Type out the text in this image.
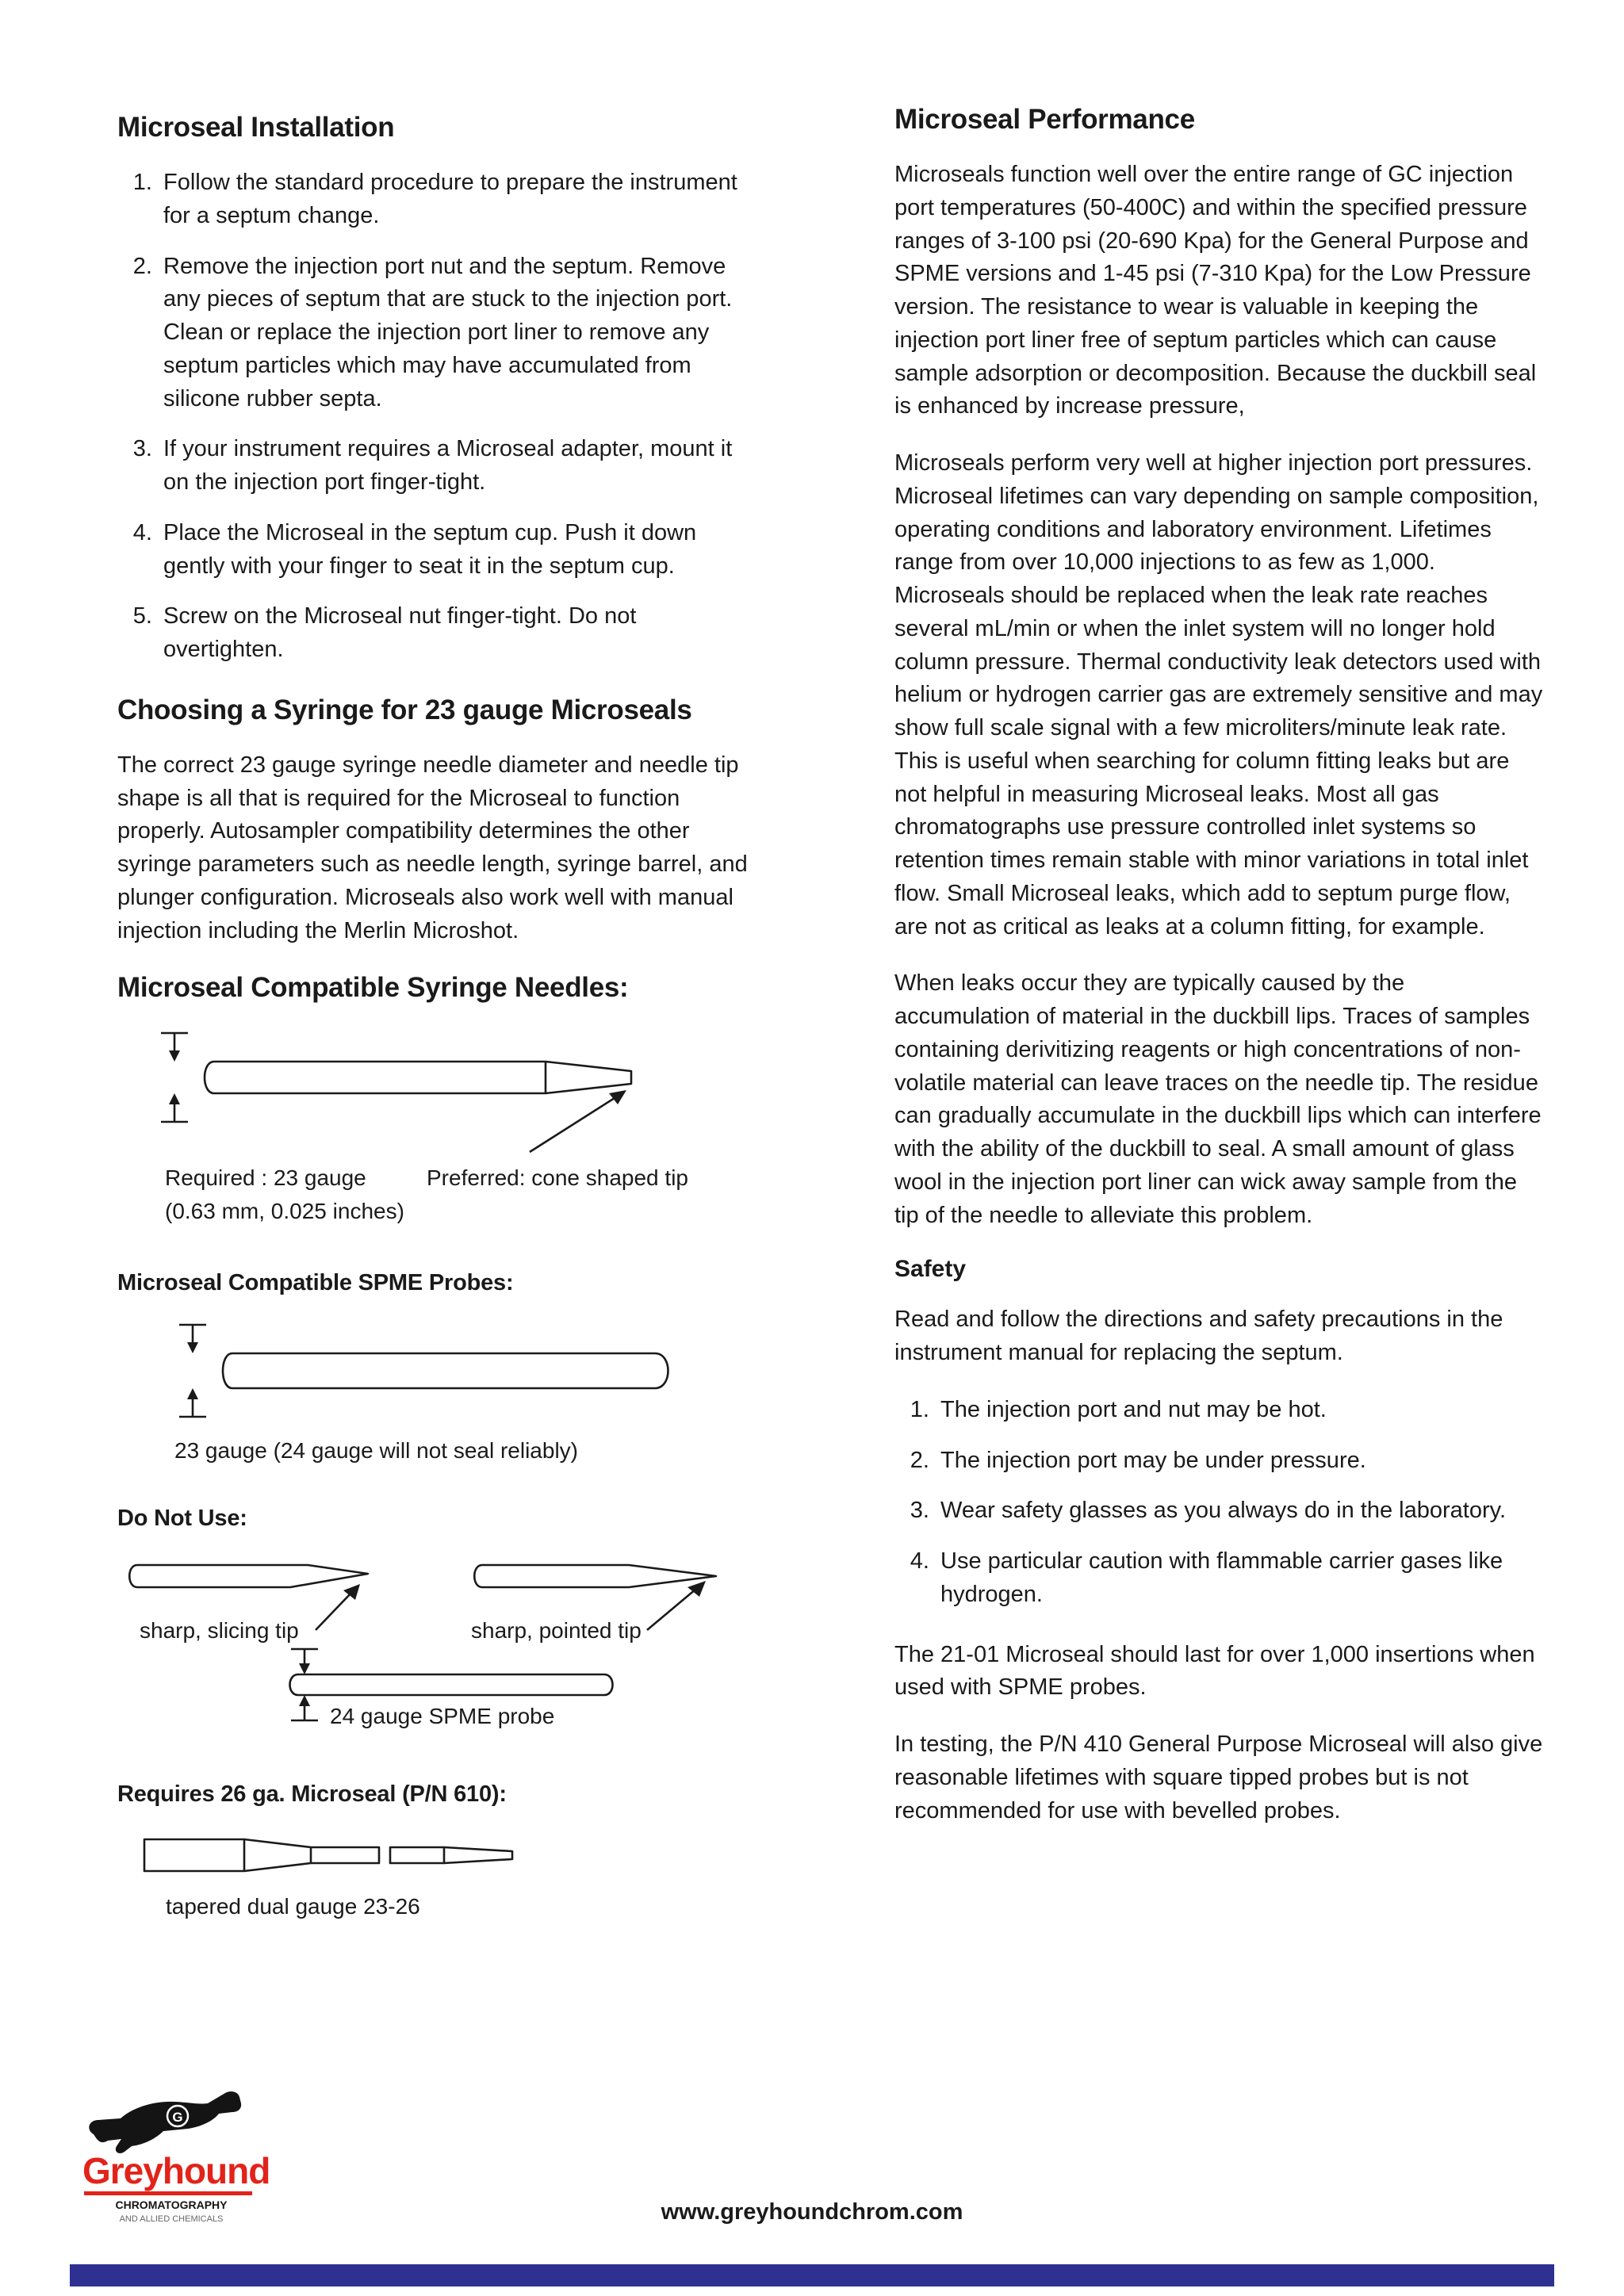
Microseal Installation
1. Follow the standard procedure to prepare the instrument for a septum change.
2. Remove the injection port nut and the septum. Remove any pieces of septum that are stuck to the injection port. Clean or replace the injection port liner to remove any septum particles which may have accumulated from silicone rubber septa.
3. If your instrument requires a Microseal adapter, mount it on the injection port finger-tight.
4. Place the Microseal in the septum cup. Push it down gently with your finger to seat it in the septum cup.
5. Screw on the Microseal nut finger-tight. Do not overtighten.
Choosing a Syringe for 23 gauge Microseals

The correct 23 gauge syringe needle diameter and needle tip shape is all that is required for the Microseal to function properly. Autosampler compatibility determines the other syringe parameters such as needle length, syringe barrel, and plunger configuration. Microseals also work well with manual injection including the Merlin Microshot.

Microseal Compatible Syringe Needles:
Required : 23 gauge	Preferred: cone shaped tip
(0.63 mm, 0.025 inches)
Microseal Compatible SPME Probes:
23 gauge (24 gauge will not seal reliably)
Do Not Use:
sharp, slicing tip	sharp, pointed tip
24 gauge SPME probe
Requires 26 ga. Microseal (P/N 610):
tapered dual gauge 23-26
Microseal Performance

Microseals function well over the entire range of GC injection port temperatures (50-400C) and within the specified pressure ranges of 3-100 psi (20-690 Kpa) for the General Purpose and SPME versions and 1-45 psi (7-310 Kpa) for the Low Pressure version. The resistance to wear is valuable in keeping the injection port liner free of septum particles which can cause sample adsorption or decomposition. Because the duckbill seal is enhanced by increase pressure,

Microseals perform very well at higher injection port pressures. Microseal lifetimes can vary depending on sample composition, operating conditions and laboratory environment. Lifetimes range from over 10,000 injections to as few as 1,000. Microseals should be replaced when the leak rate reaches several mL/min or when the inlet system will no longer hold column pressure. Thermal conductivity leak detectors used with helium or hydrogen carrier gas are extremely sensitive and may show full scale signal with a few microliters/minute leak rate. This is useful when searching for column fitting leaks but are not helpful in measuring Microseal leaks. Most all gas chromatographs use pressure controlled inlet systems so retention times remain stable with minor variations in total inlet flow. Small Microseal leaks, which add to septum purge flow, are not as critical as leaks at a column fitting, for example.

When leaks occur they are typically caused by the accumulation of material in the duckbill lips. Traces of samples containing derivitizing reagents or high concentrations of non-volatile material can leave traces on the needle tip. The residue can gradually accumulate in the duckbill lips which can interfere with the ability of the duckbill to seal. A small amount of glass wool in the injection port liner can wick away sample from the tip of the needle to alleviate this problem.

Safety

Read and follow the directions and safety precautions in the instrument manual for replacing the septum.

1. The injection port and nut may be hot.
2. The injection port may be under pressure.
3. Wear safety glasses as you always do in the laboratory.
4. Use particular caution with flammable carrier gases like hydrogen.

The 21-01 Microseal should last for over 1,000 insertions when used with SPME probes.

In testing, the P/N 410 General Purpose Microseal will also give reasonable lifetimes with square tipped probes but is not recommended for use with bevelled probes.

G
Greyhound
CHROMATOGRAPHY
AND ALLIED CHEMICALS	www.greyhoundchrom.com
